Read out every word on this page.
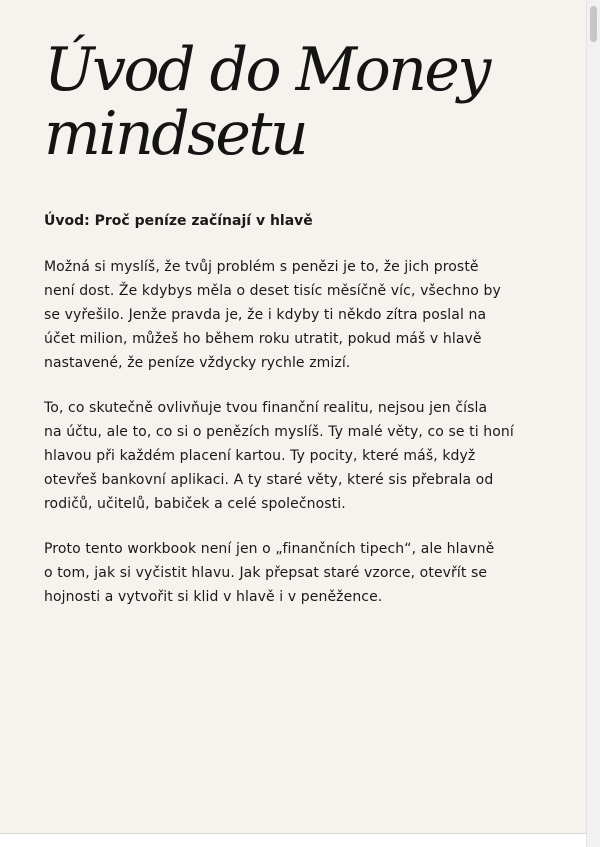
Úvod do Money
mindsetu
Úvod: Proč peníze začínají v hlavě

Možná si myslíš, že tvůj problém s penězi je to, že jich prostě
není dost. Že kdybys měla o deset tisíc měsíčně víc, všechno by
se vyřešilo. Jenže pravda je, že i kdyby ti někdo zítra poslal na
účet milion, můžeš ho během roku utratit, pokud máš v hlavě
nastavené, že peníze vždycky rychle zmizí.

To, co skutečně ovlivňuje tvou finanční realitu, nejsou jen čísla
na účtu, ale to, co si o penězích myslíš. Ty malé věty, co se ti honí
hlavou při každém placení kartou. Ty pocity, které máš, když
otevřeš bankovní aplikaci. A ty staré věty, které sis přebrala od
rodičů, učitelů, babiček a celé společnosti.

Proto tento workbook není jen o „finančních tipech“, ale hlavně
o tom, jak si vyčistit hlavu. Jak přepsat staré vzorce, otevřít se
hojnosti a vytvořit si klid v hlavě i v peněžence.
